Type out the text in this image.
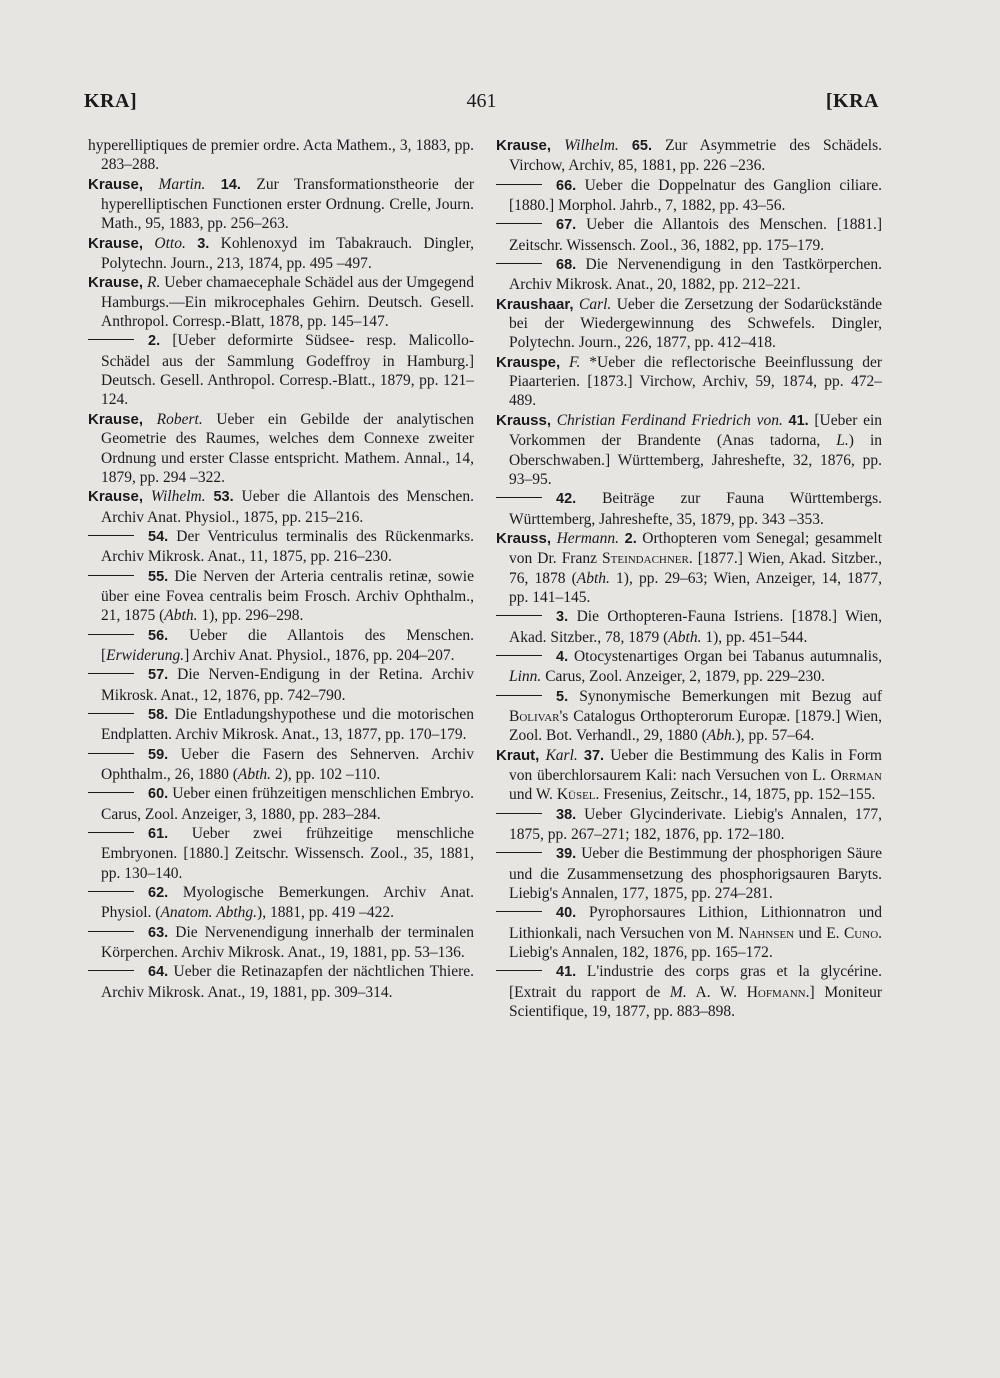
KRA]	461	[KRA

hyperelliptiques de premier ordre. Acta Mathem., 3, 1883, pp. 283–288.

Krause, Martin. 14. Zur Transformationstheorie der hyperelliptischen Functionen erster Ordnung. Crelle, Journ. Math., 95, 1883, pp. 256–263.

Krause, Otto. 3. Kohlenoxyd im Tabakrauch. Dingler, Polytechn. Journ., 213, 1874, pp. 495 –497.

Krause, R. Ueber chamaecephale Schädel aus der Umgegend Hamburgs.—Ein mikrocephales Gehirn. Deutsch. Gesell. Anthropol. Corresp.-Blatt, 1878, pp. 145–147.

2. [Ueber deformirte Südsee- resp. Malicollo-Schädel aus der Sammlung Godeffroy in Hamburg.] Deutsch. Gesell. Anthropol. Corresp.-Blatt., 1879, pp. 121–124.

Krause, Robert. Ueber ein Gebilde der analytischen Geometrie des Raumes, welches dem Connexe zweiter Ordnung und erster Classe entspricht. Mathem. Annal., 14, 1879, pp. 294 –322.

Krause, Wilhelm. 53. Ueber die Allantois des Menschen. Archiv Anat. Physiol., 1875, pp. 215–216.

54. Der Ventriculus terminalis des Rückenmarks. Archiv Mikrosk. Anat., 11, 1875, pp. 216–230.

55. Die Nerven der Arteria centralis retinæ, sowie über eine Fovea centralis beim Frosch. Archiv Ophthalm., 21, 1875 (Abth. 1), pp. 296–298.

56. Ueber die Allantois des Menschen. [Erwiderung.] Archiv Anat. Physiol., 1876, pp. 204–207.

57. Die Nerven-Endigung in der Retina. Archiv Mikrosk. Anat., 12, 1876, pp. 742–790.

58. Die Entladungshypothese und die motorischen Endplatten. Archiv Mikrosk. Anat., 13, 1877, pp. 170–179.

59. Ueber die Fasern des Sehnerven. Archiv Ophthalm., 26, 1880 (Abth. 2), pp. 102 –110.

60. Ueber einen frühzeitigen menschlichen Embryo. Carus, Zool. Anzeiger, 3, 1880, pp. 283–284.

61. Ueber zwei frühzeitige menschliche Embryonen. [1880.] Zeitschr. Wissensch. Zool., 35, 1881, pp. 130–140.

62. Myologische Bemerkungen. Archiv Anat. Physiol. (Anatom. Abthg.), 1881, pp. 419 –422.

63. Die Nervenendigung innerhalb der terminalen Körperchen. Archiv Mikrosk. Anat., 19, 1881, pp. 53–136.

64. Ueber die Retinazapfen der nächtlichen Thiere. Archiv Mikrosk. Anat., 19, 1881, pp. 309–314.

Krause, Wilhelm. 65. Zur Asymmetrie des Schädels. Virchow, Archiv, 85, 1881, pp. 226 –236.

66. Ueber die Doppelnatur des Ganglion ciliare. [1880.] Morphol. Jahrb., 7, 1882, pp. 43–56.

67. Ueber die Allantois des Menschen. [1881.] Zeitschr. Wissensch. Zool., 36, 1882, pp. 175–179.

68. Die Nervenendigung in den Tastkörperchen. Archiv Mikrosk. Anat., 20, 1882, pp. 212–221.

Kraushaar, Carl. Ueber die Zersetzung der Sodarückstände bei der Wiedergewinnung des Schwefels. Dingler, Polytechn. Journ., 226, 1877, pp. 412–418.

Krauspe, F. *Ueber die reflectorische Beeinflussung der Piaarterien. [1873.] Virchow, Archiv, 59, 1874, pp. 472–489.

Krauss, Christian Ferdinand Friedrich von. 41. [Ueber ein Vorkommen der Brandente (Anas tadorna, L.) in Oberschwaben.] Württemberg, Jahreshefte, 32, 1876, pp. 93–95.

42. Beiträge zur Fauna Württembergs. Württemberg, Jahreshefte, 35, 1879, pp. 343 –353.

Krauss, Hermann. 2. Orthopteren vom Senegal; gesammelt von Dr. Franz Steindachner. [1877.] Wien, Akad. Sitzber., 76, 1878 (Abth. 1), pp. 29–63; Wien, Anzeiger, 14, 1877, pp. 141–145.

3. Die Orthopteren-Fauna Istriens. [1878.] Wien, Akad. Sitzber., 78, 1879 (Abth. 1), pp. 451–544.

4. Otocystenartiges Organ bei Tabanus autumnalis, Linn. Carus, Zool. Anzeiger, 2, 1879, pp. 229–230.

5. Synonymische Bemerkungen mit Bezug auf Bolivar's Catalogus Orthopterorum Europæ. [1879.] Wien, Zool. Bot. Verhandl., 29, 1880 (Abh.), pp. 57–64.

Kraut, Karl. 37. Ueber die Bestimmung des Kalis in Form von überchlorsaurem Kali: nach Versuchen von L. Orrman und W. Küsel. Fresenius, Zeitschr., 14, 1875, pp. 152–155.

38. Ueber Glycinderivate. Liebig's Annalen, 177, 1875, pp. 267–271; 182, 1876, pp. 172–180.

39. Ueber die Bestimmung der phosphorigen Säure und die Zusammensetzung des phosphorigsauren Baryts. Liebig's Annalen, 177, 1875, pp. 274–281.

40. Pyrophorsaures Lithion, Lithionnatron und Lithionkali, nach Versuchen von M. Nahnsen und E. Cuno. Liebig's Annalen, 182, 1876, pp. 165–172.

41. L'industrie des corps gras et la glycérine. [Extrait du rapport de M. A. W. Hofmann.] Moniteur Scientifique, 19, 1877, pp. 883–898.
